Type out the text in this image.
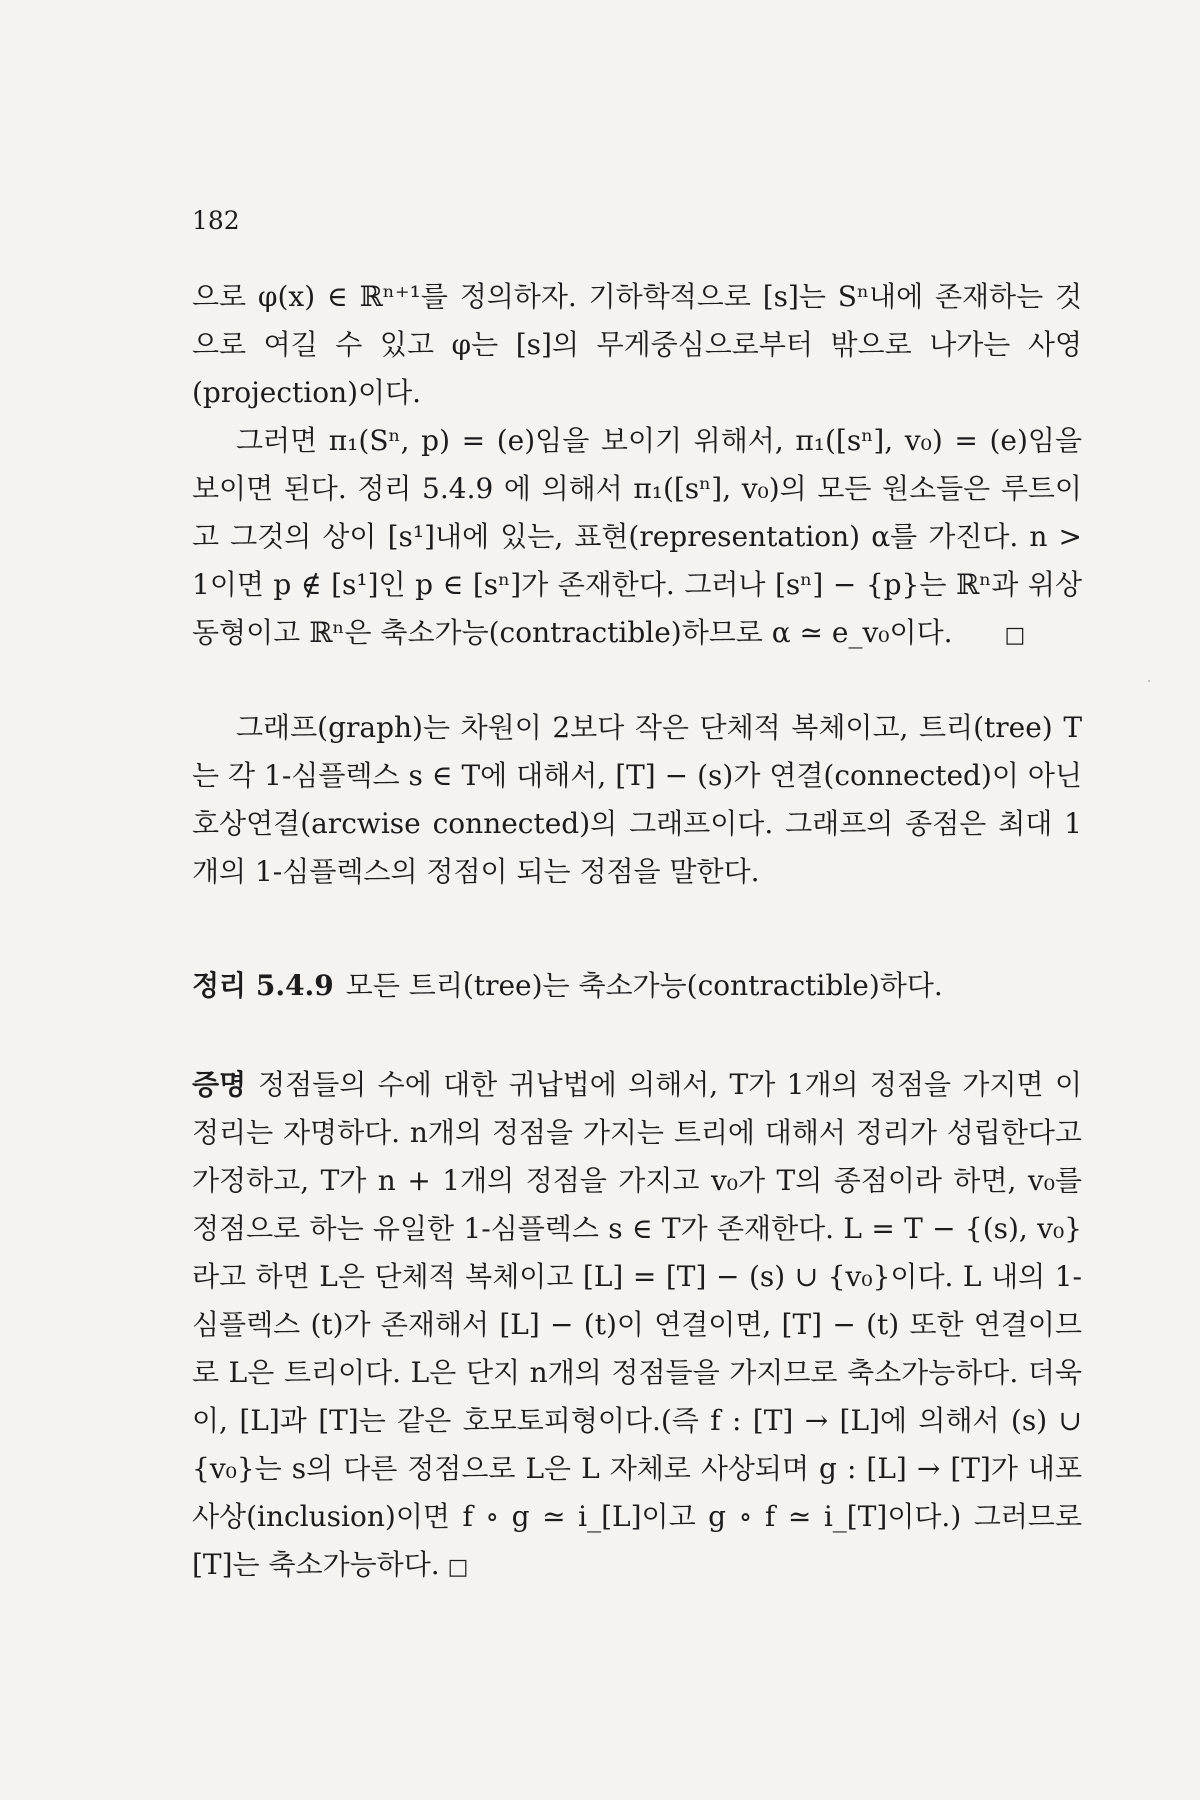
182

으로 φ(x) ∈ ℝⁿ⁺¹를 정의하자. 기하학적으로 [s]는 Sⁿ내에 존재하는 것으로 여길 수 있고 φ는 [s]의 무게중심으로부터 밖으로 나가는 사영(projection)이다.

그러면 π₁(Sⁿ, p) = (e)임을 보이기 위해서, π₁([sⁿ], v₀) = (e)임을 보이면 된다. 정리 5.4.9 에 의해서 π₁([sⁿ], v₀)의 모든 원소들은 루트이고 그것의 상이 [s¹]내에 있는, 표현(representation) α를 가진다. n > 1이면 p ∉ [s¹]인 p ∈ [sⁿ]가 존재한다. 그러나 [sⁿ] − {p}는 ℝⁿ과 위상동형이고 ℝⁿ은 축소가능(contractible)하므로 α ≃ e_v₀이다. □

그래프(graph)는 차원이 2보다 작은 단체적 복체이고, 트리(tree) T는 각 1-심플렉스 s ∈ T에 대해서, [T] − (s)가 연결(connected)이 아닌 호상연결(arcwise connected)의 그래프이다. 그래프의 종점은 최대 1개의 1-심플렉스의 정점이 되는 정점을 말한다.

정리 5.4.9 모든 트리(tree)는 축소가능(contractible)하다.

증명 정점들의 수에 대한 귀납법에 의해서, T가 1개의 정점을 가지면 이 정리는 자명하다. n개의 정점을 가지는 트리에 대해서 정리가 성립한다고 가정하고, T가 n + 1개의 정점을 가지고 v₀가 T의 종점이라 하면, v₀를 정점으로 하는 유일한 1-심플렉스 s ∈ T가 존재한다. L = T − {(s), v₀}라고 하면 L은 단체적 복체이고 [L] = [T] − (s) ∪ {v₀}이다. L 내의 1-심플렉스 (t)가 존재해서 [L] − (t)이 연결이면, [T] − (t) 또한 연결이므로 L은 트리이다. L은 단지 n개의 정점들을 가지므로 축소가능하다. 더욱이, [L]과 [T]는 같은 호모토피형이다.(즉 f : [T] → [L]에 의해서 (s) ∪ {v₀}는 s의 다른 정점으로 L은 L 자체로 사상되며 g : [L] → [T]가 내포사상(inclusion)이면 f ∘ g ≃ i_[L]이고 g ∘ f ≃ i_[T]이다.) 그러므로 [T]는 축소가능하다. □
